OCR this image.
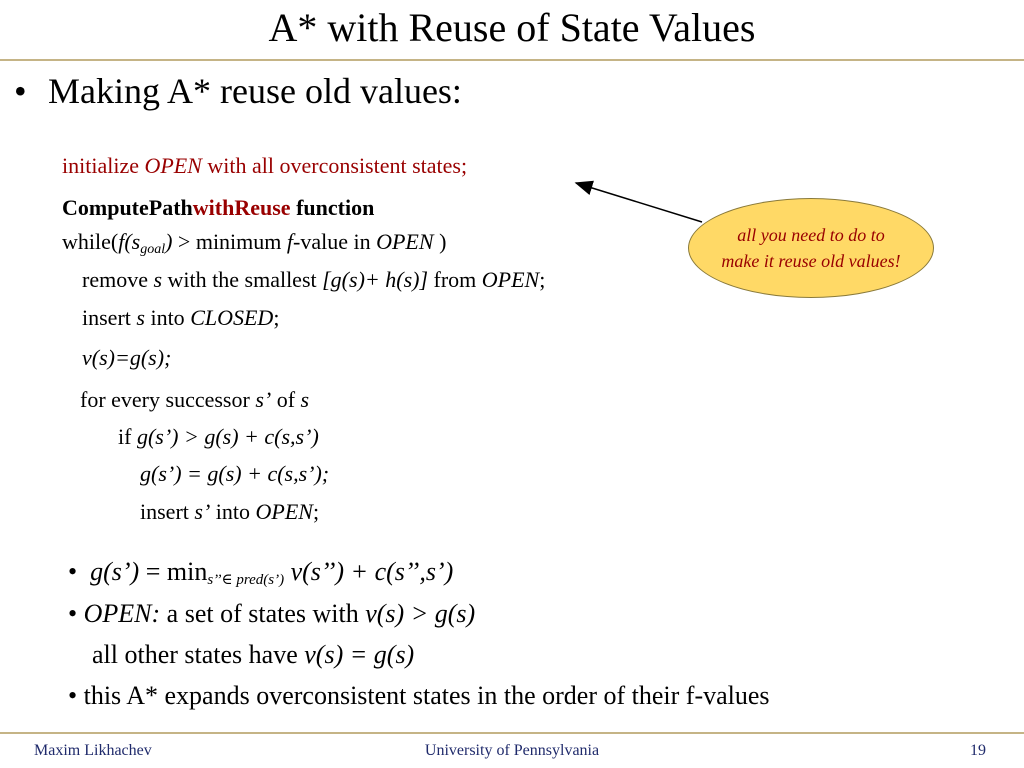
A* with Reuse of State Values
• Making A* reuse old values:
initialize OPEN with all overconsistent states;
ComputePathwithReuse function
$while(f(s_{goal})$ > minimum f-value in OPEN )
remove s with the smallest [g(s)+ h(s)] from OPEN;
insert s into CLOSED;
v(s)=g(s);
for every successor s’ of s
if g(s’) > g(s) + c(s,s’)
g(s’) = g(s) + c(s,s’);
insert s’ into OPEN;
all you need to do to
make it reuse old values!
• g(s’) = $\min_{s’’\in pred(s’)}$ v(s’’) + c(s’’,s’)
• OPEN: a set of states with v(s) > g(s)
all other states have v(s) = g(s)
• this A* expands overconsistent states in the order of their f-values
Maxim Likhachev	University of Pennsylvania	19
